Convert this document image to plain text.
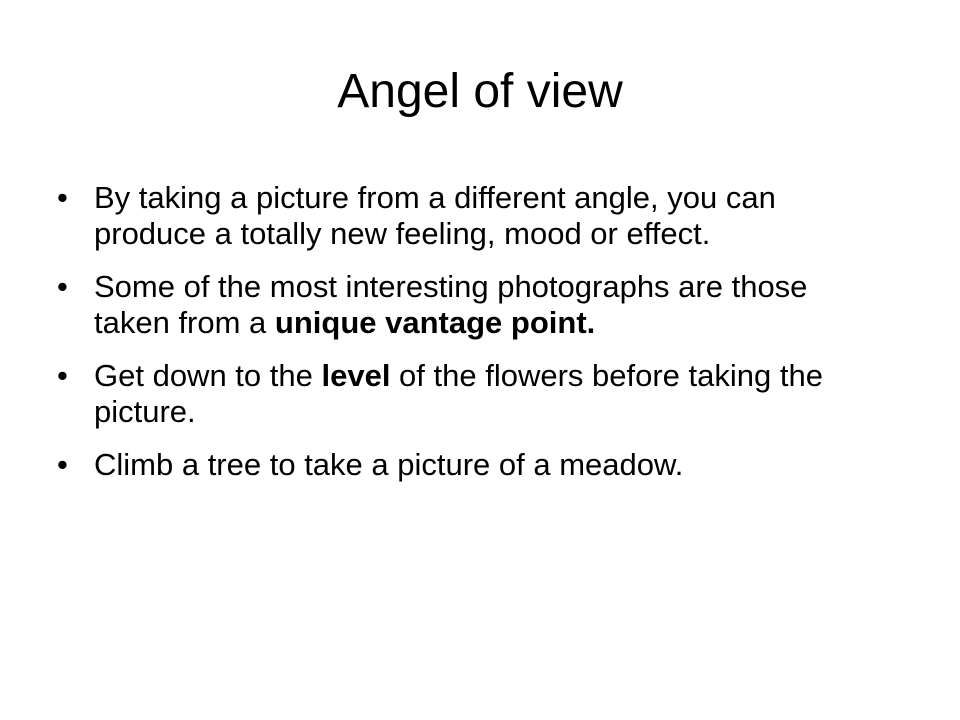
Angel of view
• By taking a picture from a different angle, you can produce a totally new feeling, mood or effect.
• Some of the most interesting photographs are those taken from a unique vantage point.
• Get down to the level of the flowers before taking the picture.
• Climb a tree to take a picture of a meadow.
